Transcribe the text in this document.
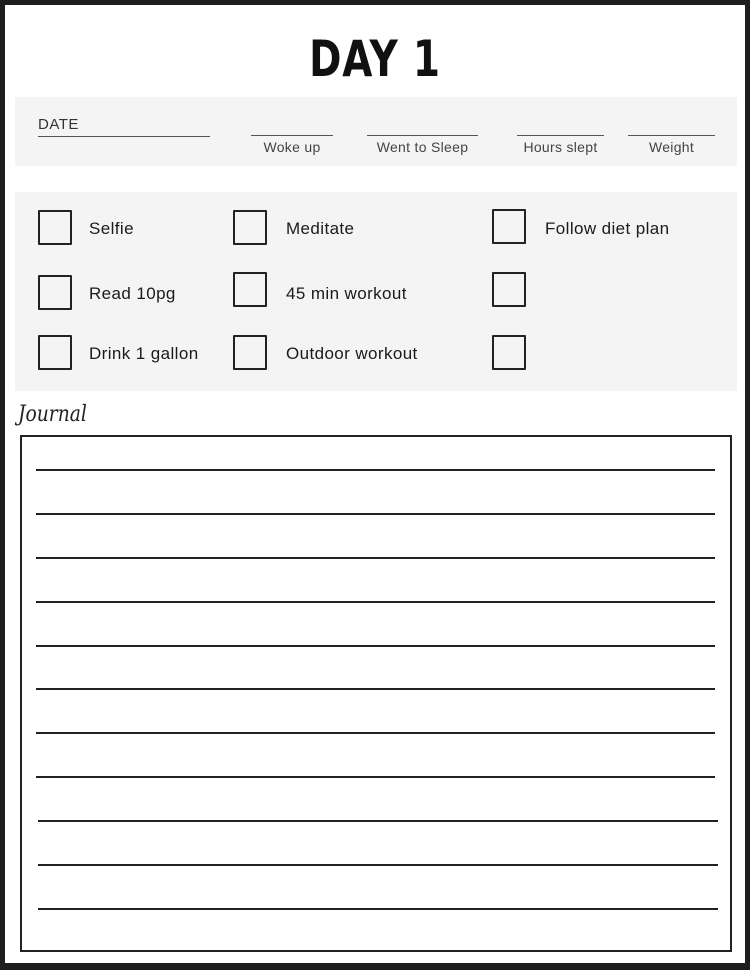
DAY 1
DATE
Woke up	Went to Sleep	Hours slept	Weight
Selfie
Read 10pg
Drink 1 gallon
Meditate
45 min workout
Outdoor workout
Follow diet plan
Journal
